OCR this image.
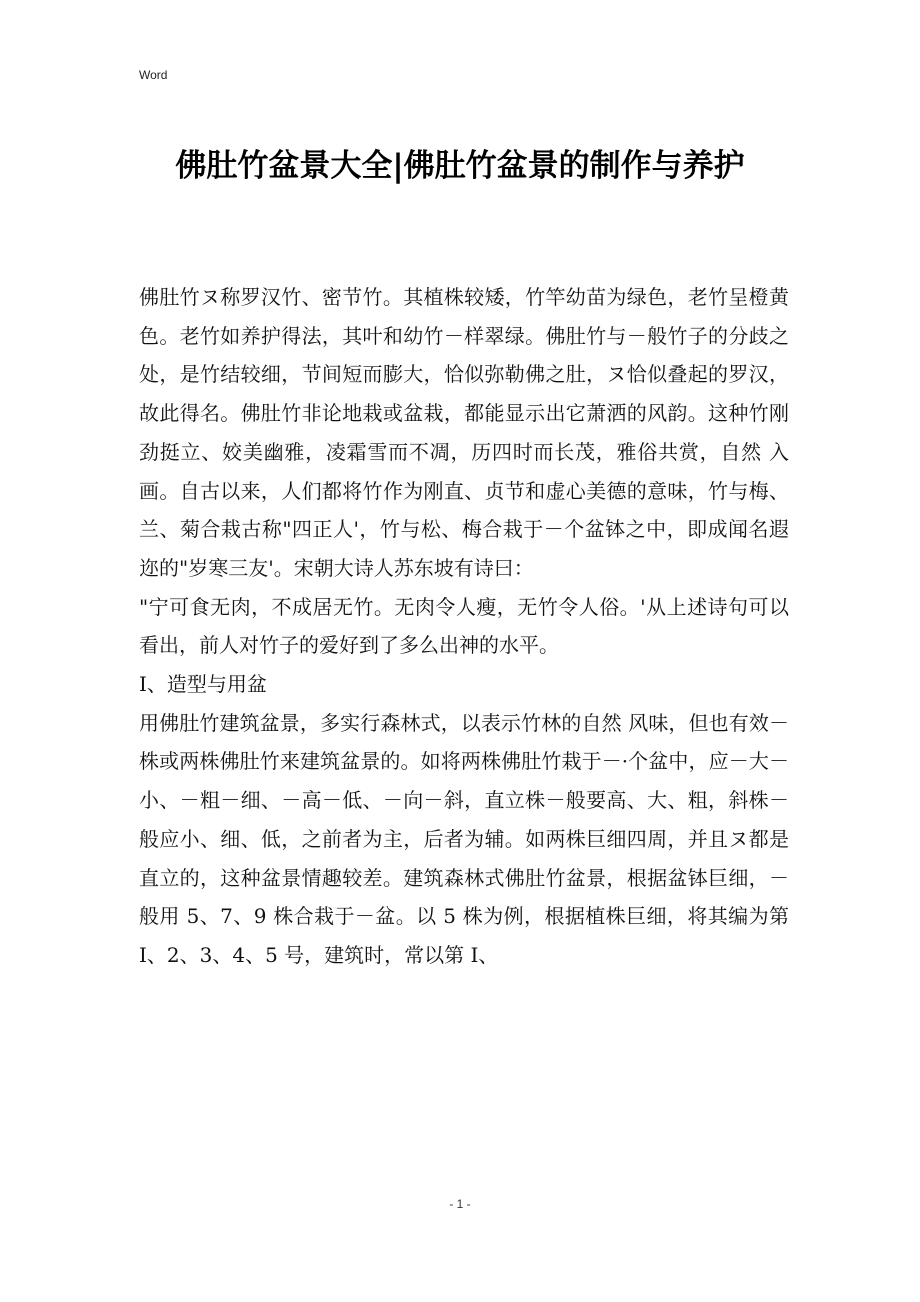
Word
佛肚竹盆景大全|佛肚竹盆景的制作与养护

佛肚竹ヌ称罗汉竹、密节竹。其植株较矮，竹竿幼苗为绿色，老竹呈橙黄色。老竹如养护得法，其叶和幼竹－样翠绿。佛肚竹与－般竹子的分歧之处，是竹结较细，节间短而膨大，恰似弥勒佛之肚，ヌ恰似叠起的罗汉，故此得名。佛肚竹非论地栽或盆栽，都能显示出它萧洒的风韵。这种竹刚劲挺立、姣美幽雅，凌霜雪而不凋，历四时而长茂，雅俗共赏，自然 入画。自古以来，人们都将竹作为刚直、贞节和虚心美德的意味，竹与梅、兰、菊合栽古称"四正人'，竹与松、梅合栽于－个盆钵之中，即成闻名遐迩的"岁寒三友'。宋朝大诗人苏东坡有诗曰：

"宁可食无肉，不成居无竹。无肉令人瘦，无竹令人俗。'从上述诗句可以看出，前人对竹子的爱好到了多么出神的水平。

I、造型与用盆

用佛肚竹建筑盆景，多实行森林式，以表示竹林的自然 风味，但也有效－株或两株佛肚竹来建筑盆景的。如将两株佛肚竹栽于－·个盆中，应－大－小、－粗－细、－高－低、－向－斜，直立株－般要高、大、粗，斜株－般应小、细、低，之前者为主，后者为辅。如两株巨细四周，并且ヌ都是直立的，这种盆景情趣较差。建筑森林式佛肚竹盆景，根据盆钵巨细，－般用 5、7、9 株合栽于－盆。以 5 株为例，根据植株巨细，将其编为第 I、2、3、4、5 号，建筑时，常以第 I、

- 1 -
